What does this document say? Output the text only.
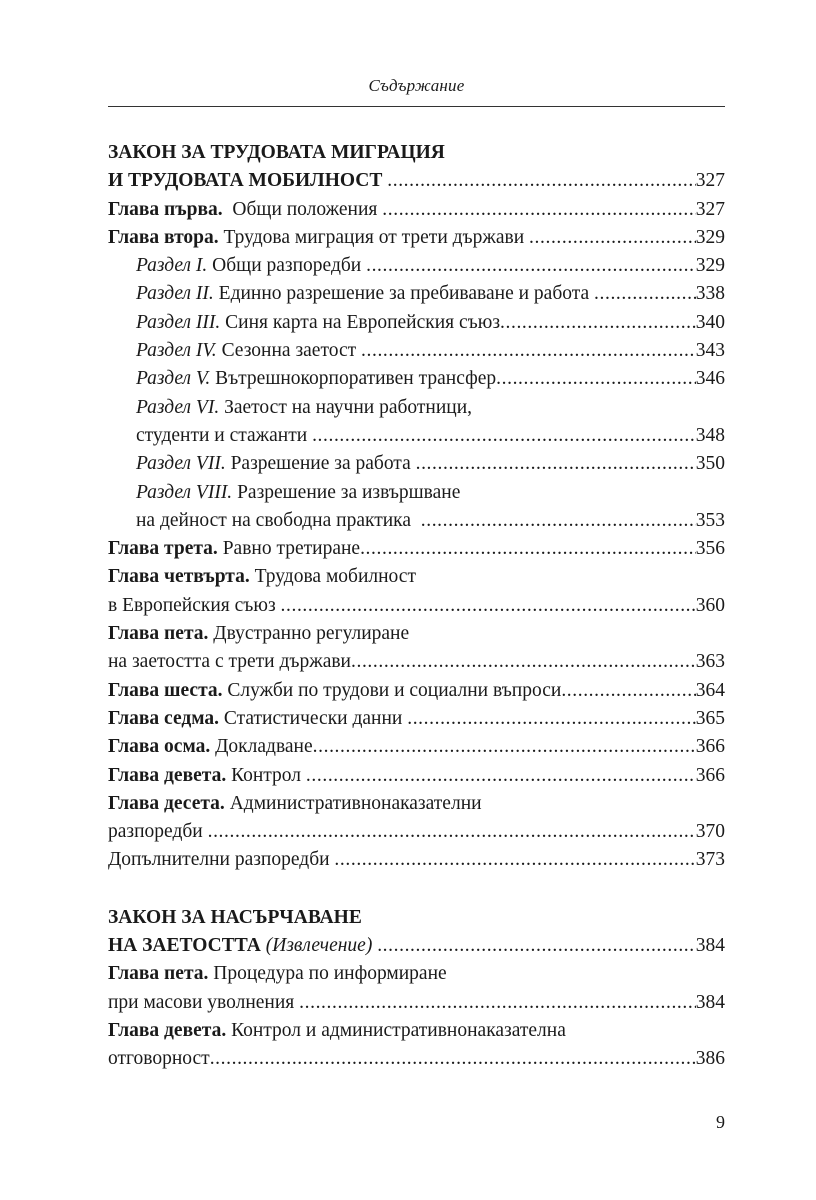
Съдържание
ЗАКОН ЗА ТРУДОВАТА МИГРАЦИЯ
И ТРУДОВАТА МОБИЛНОСТ
.....	327
Глава първа.  Общи положения .....	327
Глава втора. Трудова миграция от трети държави .....	329
Раздел I. Общи разпоредби .....	329
Раздел II. Единно разрешение за пребиваване и работа .....	338
Раздел III. Синя карта на Европейския съюз .....	340
Раздел IV. Сезонна заетост .....	343
Раздел V. Вътрешнокорпоративен трансфер .....	346
Раздел VI. Заетост на научни работници,
студенти и стажанти
.....	348
Раздел VII. Разрешение за работа .....	350
Раздел VIII. Разрешение за извършване
на дейност на свободна практика
.....	353
Глава трета. Равно третиране .....	356
Глава четвърта. Трудова мобилност
в Европейския съюз
.....	360
Глава пета. Двустранно регулиране
на заетостта с трети държави .....	363
Глава шеста. Служби по трудови и социални въпроси .....	364
Глава седма. Статистически данни .....	365
Глава осма. Докладване .....	366
Глава девета. Контрол .....	366
Глава десета. Административнонаказателни
разпоредби
.....	370
Допълнителни разпоредби
.....	373
ЗАКОН ЗА НАСЪРЧАВАНЕ
НА ЗАЕТОСТТА (Извлечение) .....	384
Глава пета. Процедура по информиране
при масови уволнения
.....	384
Глава девета. Контрол и административнонаказателна
отговорност .....	386
9
